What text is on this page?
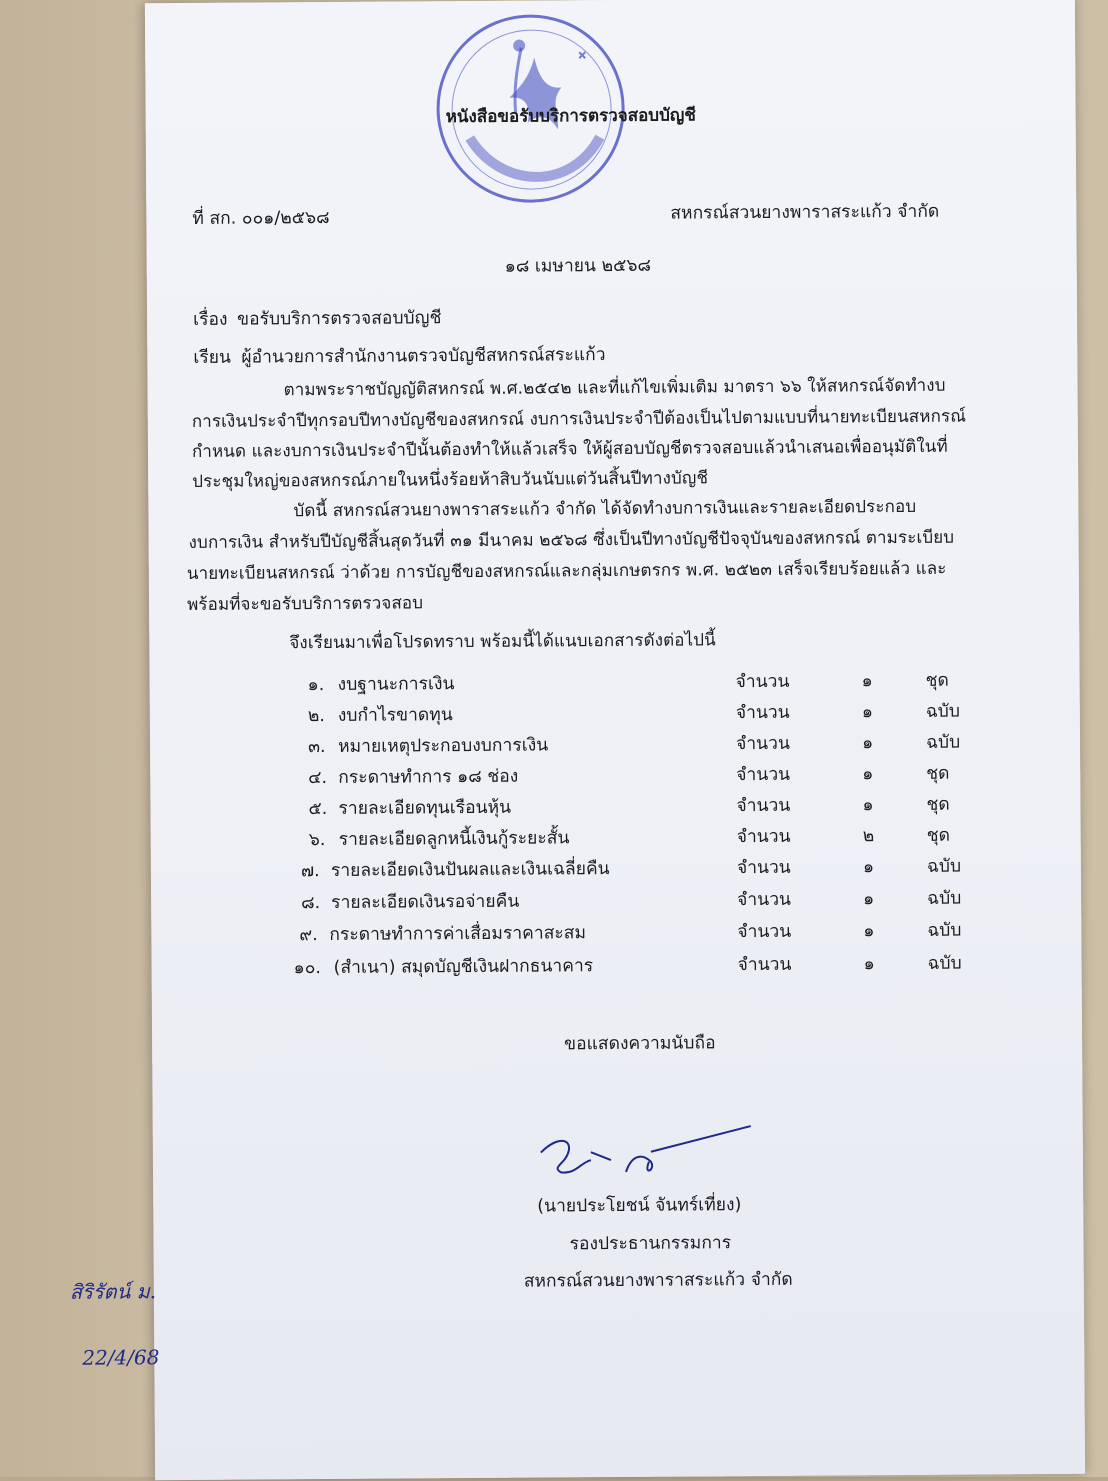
หนังสือขอรับบริการตรวจสอบบัญชี
ที่ สก. ๐๐๑/๒๕๖๘	สหกรณ์สวนยางพาราสระแก้ว จำกัด
๑๘ เมษายน ๒๕๖๘
เรื่อง ขอรับบริการตรวจสอบบัญชี
เรียน ผู้อำนวยการสำนักงานตรวจบัญชีสหกรณ์สระแก้ว
ตามพระราชบัญญัติสหกรณ์ พ.ศ.๒๕๔๒ และที่แก้ไขเพิ่มเติม มาตรา ๖๖ ให้สหกรณ์จัดทำงบ
การเงินประจำปีทุกรอบปีทางบัญชีของสหกรณ์ งบการเงินประจำปีต้องเป็นไปตามแบบที่นายทะเบียนสหกรณ์
กำหนด และงบการเงินประจำปีนั้นต้องทำให้แล้วเสร็จ ให้ผู้สอบบัญชีตรวจสอบแล้วนำเสนอเพื่ออนุมัติในที่
ประชุมใหญ่ของสหกรณ์ภายในหนึ่งร้อยห้าสิบวันนับแต่วันสิ้นปีทางบัญชี
บัดนี้ สหกรณ์สวนยางพาราสระแก้ว จำกัด ได้จัดทำงบการเงินและรายละเอียดประกอบ
งบการเงิน สำหรับปีบัญชีสิ้นสุดวันที่ ๓๑ มีนาคม ๒๕๖๘ ซึ่งเป็นปีทางบัญชีปัจจุบันของสหกรณ์ ตามระเบียบ
นายทะเบียนสหกรณ์ ว่าด้วย การบัญชีของสหกรณ์และกลุ่มเกษตรกร พ.ศ. ๒๕๒๓ เสร็จเรียบร้อยแล้ว และ
พร้อมที่จะขอรับบริการตรวจสอบ
จึงเรียนมาเพื่อโปรดทราบ พร้อมนี้ได้แนบเอกสารดังต่อไปนี้
๑. งบฐานะการเงิน	จำนวน	๑	ชุด
๒. งบกำไรขาดทุน	จำนวน	๑	ฉบับ
๓. หมายเหตุประกอบงบการเงิน	จำนวน	๑	ฉบับ
๔. กระดาษทำการ ๑๘ ช่อง	จำนวน	๑	ชุด
๕. รายละเอียดทุนเรือนหุ้น	จำนวน	๑	ชุด
๖. รายละเอียดลูกหนี้เงินกู้ระยะสั้น	จำนวน	๒	ชุด
๗. รายละเอียดเงินปันผลและเงินเฉลี่ยคืน	จำนวน	๑	ฉบับ
๘. รายละเอียดเงินรอจ่ายคืน	จำนวน	๑	ฉบับ
๙. กระดาษทำการค่าเสื่อมราคาสะสม	จำนวน	๑	ฉบับ
๑๐. (สำเนา) สมุดบัญชีเงินฝากธนาคาร	จำนวน	๑	ฉบับ
ขอแสดงความนับถือ
(นายประโยชน์ จันทร์เที่ยง)
รองประธานกรรมการ
สหกรณ์สวนยางพาราสระแก้ว จำกัด
สิริรัตน์ ม.
22/4/68
